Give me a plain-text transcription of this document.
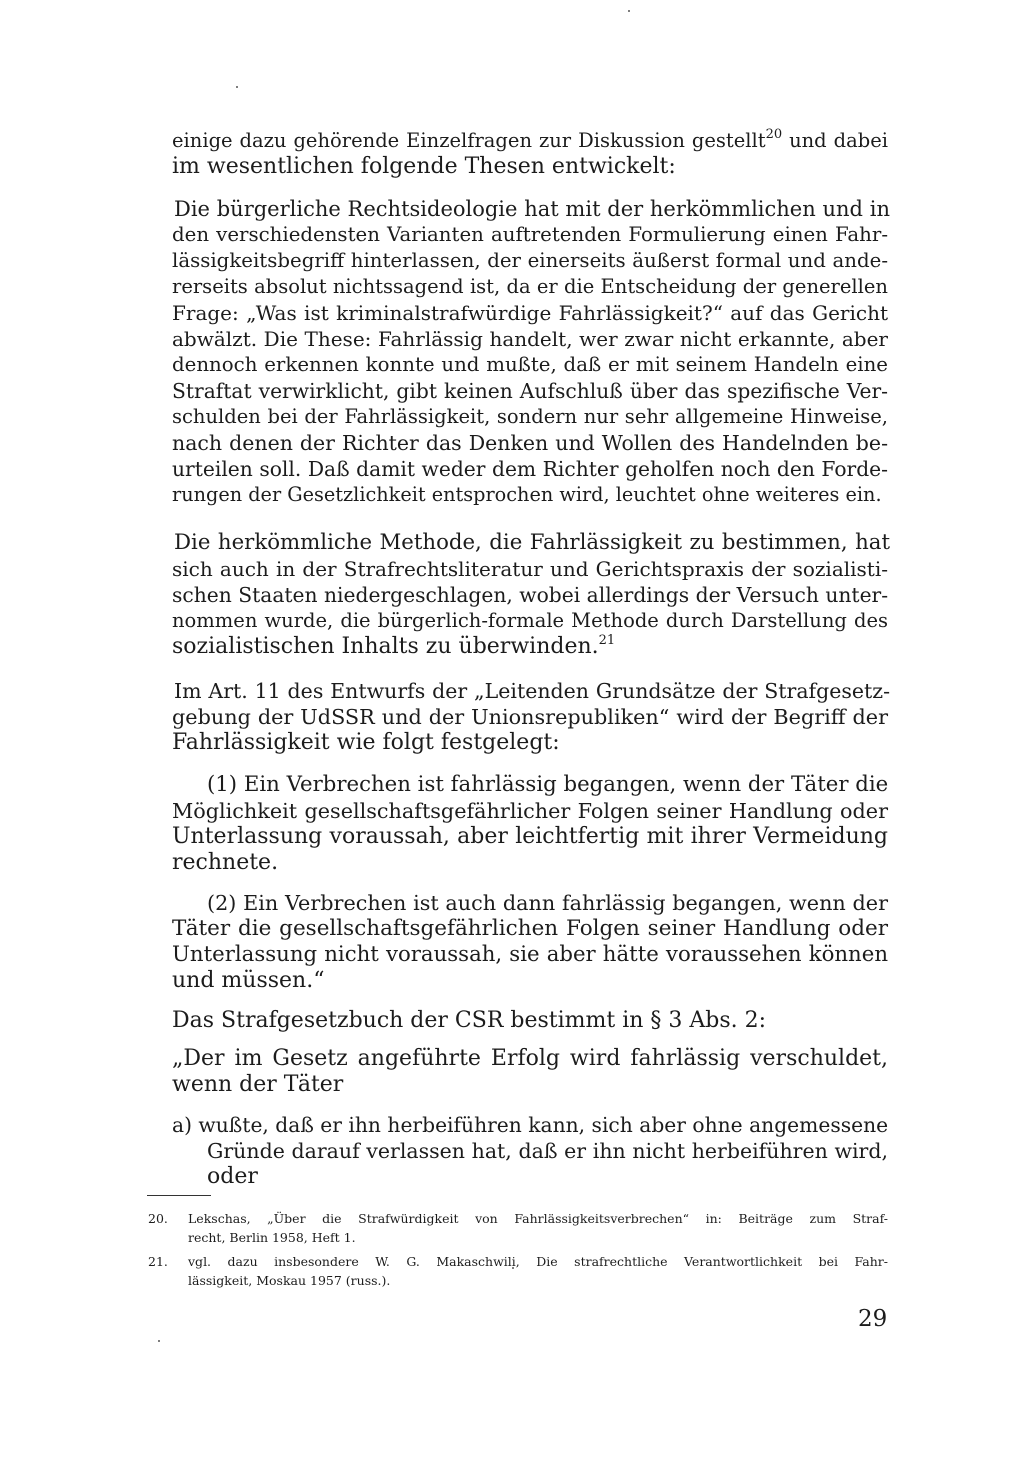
einige dazu gehörende Einzelfragen zur Diskussion gestellt$^{20}$ und dabei
im wesentlichen folgende Thesen entwickelt:
Die bürgerliche Rechtsideologie hat mit der herkömmlichen und in
den verschiedensten Varianten auftretenden Formulierung einen Fahr-
lässigkeitsbegriff hinterlassen, der einerseits äußerst formal und ande-
rerseits absolut nichtssagend ist, da er die Entscheidung der generellen
Frage: „Was ist kriminalstrafwürdige Fahrlässigkeit?“ auf das Gericht
abwälzt. Die These: Fahrlässig handelt, wer zwar nicht erkannte, aber
dennoch erkennen konnte und mußte, daß er mit seinem Handeln eine
Straftat verwirklicht, gibt keinen Aufschluß über das spezifische Ver-
schulden bei der Fahrlässigkeit, sondern nur sehr allgemeine Hinweise,
nach denen der Richter das Denken und Wollen des Handelnden be-
urteilen soll. Daß damit weder dem Richter geholfen noch den Forde-
rungen der Gesetzlichkeit entsprochen wird, leuchtet ohne weiteres ein.
Die herkömmliche Methode, die Fahrlässigkeit zu bestimmen, hat
sich auch in der Strafrechtsliteratur und Gerichtspraxis der sozialisti-
schen Staaten niedergeschlagen, wobei allerdings der Versuch unter-
nommen wurde, die bürgerlich-formale Methode durch Darstellung des
sozialistischen Inhalts zu überwinden.$^{21}$
Im Art. 11 des Entwurfs der „Leitenden Grundsätze der Strafgesetz-
gebung der UdSSR und der Unionsrepubliken“ wird der Begriff der
Fahrlässigkeit wie folgt festgelegt:
(1) Ein Verbrechen ist fahrlässig begangen, wenn der Täter die
Möglichkeit gesellschaftsgefährlicher Folgen seiner Handlung oder
Unterlassung voraussah, aber leichtfertig mit ihrer Vermeidung
rechnete.
(2) Ein Verbrechen ist auch dann fahrlässig begangen, wenn der
Täter die gesellschaftsgefährlichen Folgen seiner Handlung oder
Unterlassung nicht voraussah, sie aber hätte voraussehen können
und müssen.“
Das Strafgesetzbuch der CSR bestimmt in § 3 Abs. 2:
„Der im Gesetz angeführte Erfolg wird fahrlässig verschuldet,
wenn der Täter
a) wußte, daß er ihn herbeiführen kann, sich aber ohne angemessene
Gründe darauf verlassen hat, daß er ihn nicht herbeiführen wird,
oder
20.	Lekschas, „Über die Strafwürdigkeit von Fahrlässigkeitsverbrechen“ in: Beiträge zum Straf-
recht, Berlin 1958, Heft 1.
21.	vgl. dazu insbesondere W. G. Makaschwili, Die strafrechtliche Verantwortlichkeit bei Fahr-
lässigkeit, Moskau 1957 (russ.).
29
